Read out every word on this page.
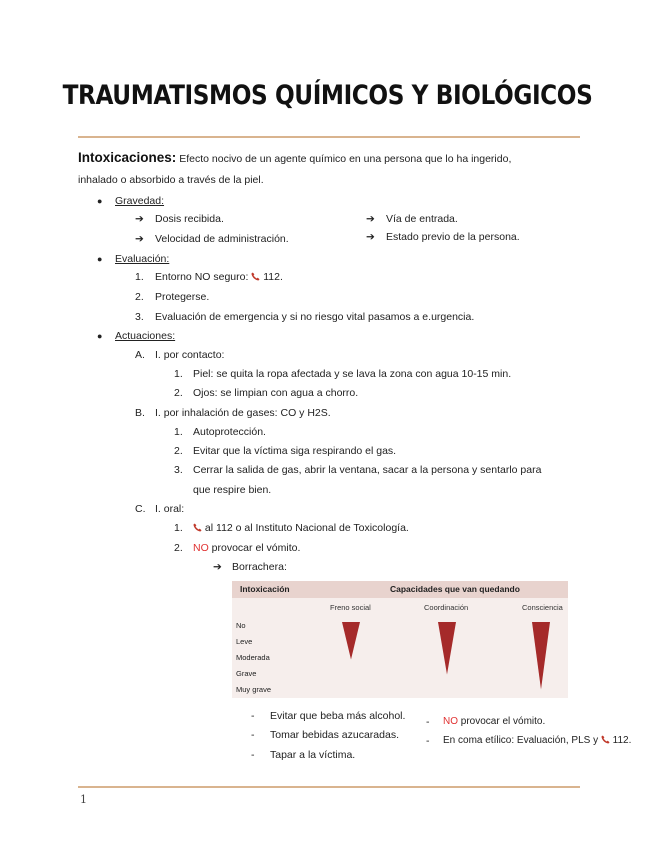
TRAUMATISMOS QUÍMICOS Y BIOLÓGICOS
Intoxicaciones: Efecto nocivo de un agente químico en una persona que lo ha ingerido,
inhalado o absorbido a través de la piel.
● Gravedad:
➔ Dosis recibida.
➔ Velocidad de administración.
➔ Vía de entrada.
➔ Estado previo de la persona.
● Evaluación:
1. Entorno NO seguro: 112.
2. Protegerse.
3. Evaluación de emergencia y si no riesgo vital pasamos a e.urgencia.
● Actuaciones:
A. I. por contacto:
1. Piel: se quita la ropa afectada y se lava la zona con agua 10-15 min.
2. Ojos: se limpian con agua a chorro.
B. I. por inhalación de gases: CO y H2S.
1. Autoprotección.
2. Evitar que la víctima siga respirando el gas.
3. Cerrar la salida de gas, abrir la ventana, sacar a la persona y sentarlo para
que respire bien.
C. I. oral:
1.	al 112 o al Instituto Nacional de Toxicología.
2. NO provocar el vómito.
➔ Borrachera:
Intoxicación	Capacidades que van quedando
Freno social	Coordinación	Consciencia
No
Leve
Moderada
Grave
Muy grave
- Evitar que beba más alcohol.
- Tomar bebidas azucaradas.
- Tapar a la víctima.
- NO provocar el vómito.
- En coma etílico: Evaluación, PLS y 112.
1
